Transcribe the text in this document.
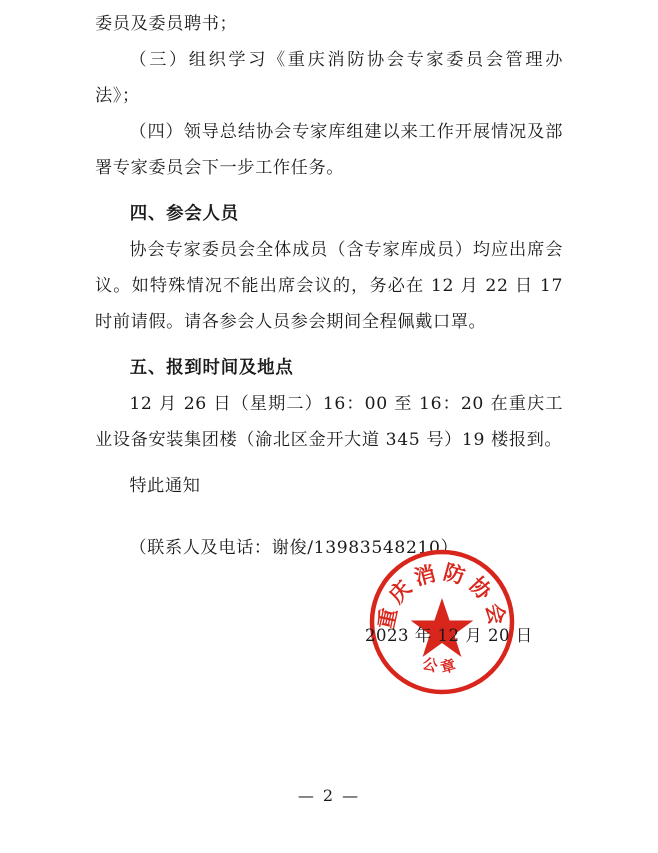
委员及委员聘书；

（三）组织学习《重庆消防协会专家委员会管理办法》；

（四）领导总结协会专家库组建以来工作开展情况及部署专家委员会下一步工作任务。

四、参会人员

协会专家委员会全体成员（含专家库成员）均应出席会议。如特殊情况不能出席会议的，务必在 12 月 22 日 17 时前请假。请各参会人员参会期间全程佩戴口罩。

五、报到时间及地点

12 月 26 日（星期二）16：00 至 16：20 在重庆工业设备安装集团楼（渝北区金开大道 345 号）19 楼报到。

特此通知

（联系人及电话：谢俊/13983548210）

重庆消防协会
公章
2023 年 12 月 20 日
— 2 —
